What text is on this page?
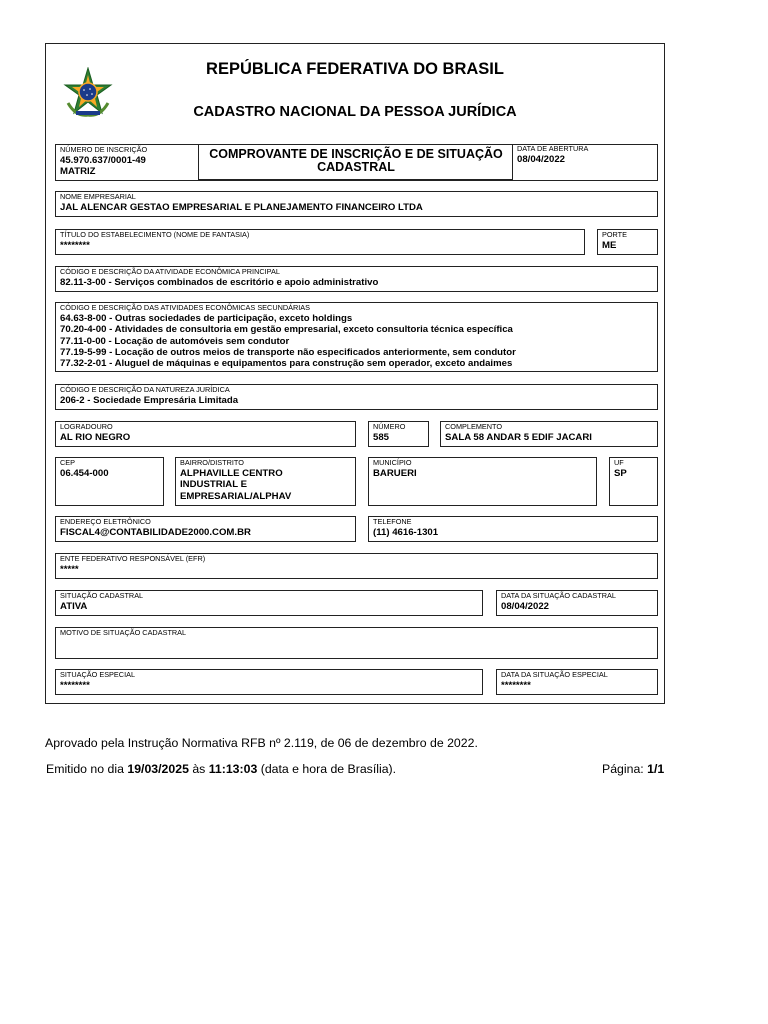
REPÚBLICA FEDERATIVA DO BRASIL
CADASTRO NACIONAL DA PESSOA JURÍDICA
NÚMERO DE INSCRIÇÃO
45.970.637/0001-49
MATRIZ
COMPROVANTE DE INSCRIÇÃO E DE SITUAÇÃO
CADASTRAL
DATA DE ABERTURA
08/04/2022
NOME EMPRESARIAL
JAL ALENCAR GESTAO EMPRESARIAL E PLANEJAMENTO FINANCEIRO LTDA
TÍTULO DO ESTABELECIMENTO (NOME DE FANTASIA)
********
PORTE
ME
CÓDIGO E DESCRIÇÃO DA ATIVIDADE ECONÔMICA PRINCIPAL
82.11-3-00 - Serviços combinados de escritório e apoio administrativo
CÓDIGO E DESCRIÇÃO DAS ATIVIDADES ECONÔMICAS SECUNDÁRIAS
64.63-8-00 - Outras sociedades de participação, exceto holdings
70.20-4-00 - Atividades de consultoria em gestão empresarial, exceto consultoria técnica específica
77.11-0-00 - Locação de automóveis sem condutor
77.19-5-99 - Locação de outros meios de transporte não especificados anteriormente, sem condutor
77.32-2-01 - Aluguel de máquinas e equipamentos para construção sem operador, exceto andaimes
CÓDIGO E DESCRIÇÃO DA NATUREZA JURÍDICA
206-2 - Sociedade Empresária Limitada
LOGRADOURO
AL RIO NEGRO
NÚMERO
585
COMPLEMENTO
SALA 58 ANDAR 5 EDIF JACARI
CEP
06.454-000
BAIRRO/DISTRITO
ALPHAVILLE CENTRO
INDUSTRIAL E
EMPRESARIAL/ALPHAV
MUNICÍPIO
BARUERI
UF
SP
ENDEREÇO ELETRÔNICO
FISCAL4@CONTABILIDADE2000.COM.BR
TELEFONE
(11) 4616-1301
ENTE FEDERATIVO RESPONSÁVEL (EFR)
*****
SITUAÇÃO CADASTRAL
ATIVA
DATA DA SITUAÇÃO CADASTRAL
08/04/2022
MOTIVO DE SITUAÇÃO CADASTRAL
SITUAÇÃO ESPECIAL
********
DATA DA SITUAÇÃO ESPECIAL
********
Aprovado pela Instrução Normativa RFB nº 2.119, de 06 de dezembro de 2022.
Emitido no dia 19/03/2025 às 11:13:03 (data e hora de Brasília).	Página: 1/1
